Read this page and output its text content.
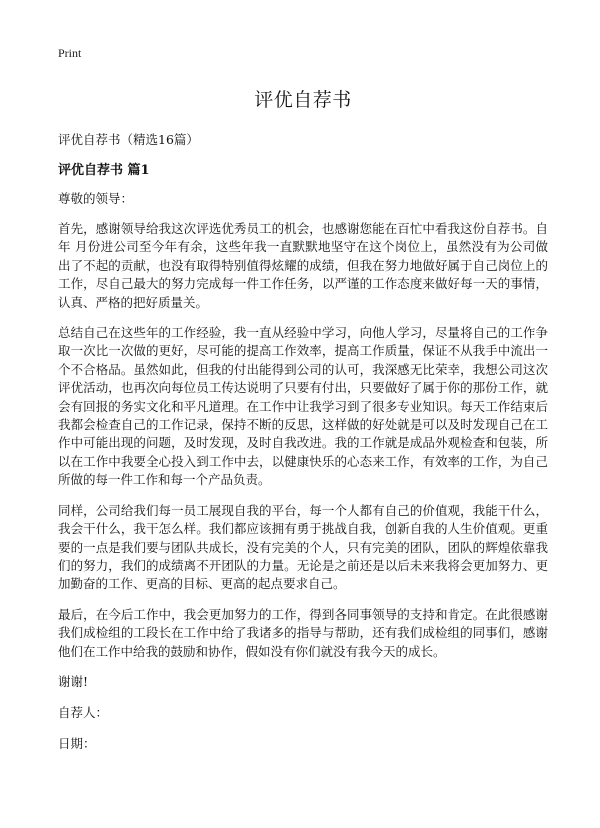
Print
评优自荐书
评优自荐书（精选16篇）
评优自荐书 篇1
尊敬的领导：

首先，感谢领导给我这次评选优秀员工的机会，也感谢您能在百忙中看我这份自荐书。自年 月份进公司至今年有余，这些年我一直默默地坚守在这个岗位上，虽然没有为公司做出了不起的贡献，也没有取得特别值得炫耀的成绩，但我在努力地做好属于自己岗位上的工作，尽自己最大的努力完成每一件工作任务，以严谨的工作态度来做好每一天的事情，认真、严格的把好质量关。

总结自己在这些年的工作经验，我一直从经验中学习，向他人学习，尽量将自己的工作争取一次比一次做的更好，尽可能的提高工作效率，提高工作质量，保证不从我手中流出一个不合格品。虽然如此，但我的付出能得到公司的认可，我深感无比荣幸，我想公司这次评优活动，也再次向每位员工传达说明了只要有付出，只要做好了属于你的那份工作，就会有回报的务实文化和平凡道理。在工作中让我学习到了很多专业知识。每天工作结束后我都会检查自己的工作记录，保持不断的反思，这样做的好处就是可以及时发现自己在工作中可能出现的问题，及时发现，及时自我改进。我的工作就是成品外观检查和包装，所以在工作中我要全心投入到工作中去，以健康快乐的心态来工作，有效率的工作，为自己所做的每一件工作和每一个产品负责。

同样，公司给我们每一员工展现自我的平台，每一个人都有自己的价值观，我能干什么，我会干什么，我干怎么样。我们都应该拥有勇于挑战自我，创新自我的人生价值观。更重要的一点是我们要与团队共成长，没有完美的个人，只有完美的团队，团队的辉煌依靠我们的努力，我们的成绩离不开团队的力量。无论是之前还是以后未来我将会更加努力、更加勤奋的工作、更高的目标、更高的起点要求自己。

最后，在今后工作中，我会更加努力的工作，得到各同事领导的支持和肯定。在此很感谢我们成检组的工段长在工作中给了我诸多的指导与帮助，还有我们成检组的同事们，感谢他们在工作中给我的鼓励和协作，假如没有你们就没有我今天的成长。

谢谢!
自荐人：
日期：
